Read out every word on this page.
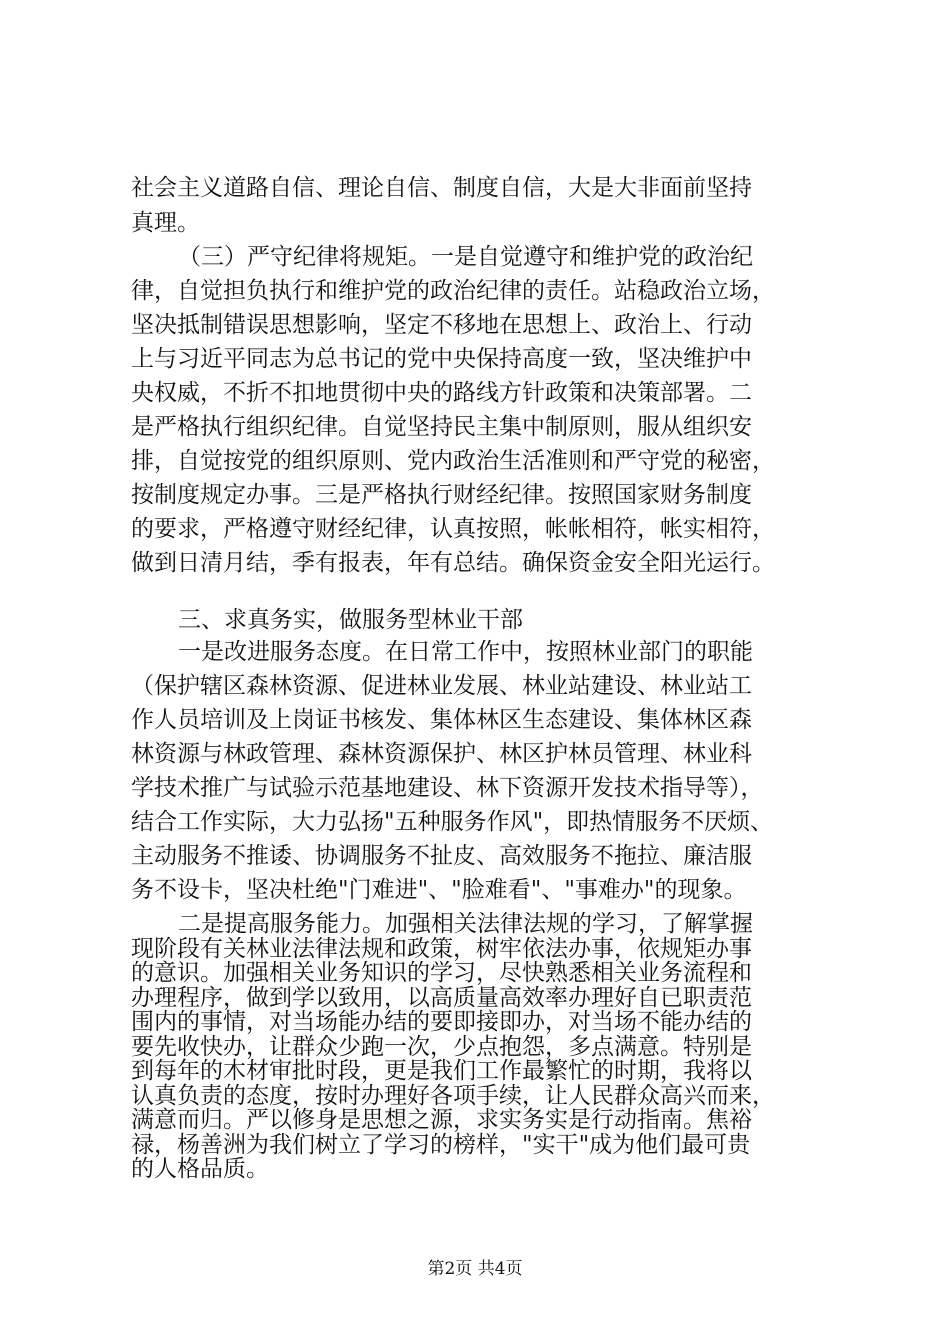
社会主义道路自信、理论自信、制度自信，大是大非面前坚持
真理。
（三）严守纪律将规矩。一是自觉遵守和维护党的政治纪
律，自觉担负执行和维护党的政治纪律的责任。站稳政治立场，
坚决抵制错误思想影响，坚定不移地在思想上、政治上、行动
上与习近平同志为总书记的党中央保持高度一致，坚决维护中
央权威，不折不扣地贯彻中央的路线方针政策和决策部署。二
是严格执行组织纪律。自觉坚持民主集中制原则，服从组织安
排，自觉按党的组织原则、党内政治生活准则和严守党的秘密，
按制度规定办事。三是严格执行财经纪律。按照国家财务制度
的要求，严格遵守财经纪律，认真按照，帐帐相符，帐实相符，
做到日清月结，季有报表，年有总结。确保资金安全阳光运行。
三、求真务实，做服务型林业干部
一是改进服务态度。在日常工作中，按照林业部门的职能
（保护辖区森林资源、促进林业发展、林业站建设、林业站工
作人员培训及上岗证书核发、集体林区生态建设、集体林区森
林资源与林政管理、森林资源保护、林区护林员管理、林业科
学技术推广与试验示范基地建设、林下资源开发技术指导等），
结合工作实际，大力弘扬"五种服务作风"，即热情服务不厌烦、
主动服务不推诿、协调服务不扯皮、高效服务不拖拉、廉洁服
务不设卡，坚决杜绝"门难进"、"脸难看"、"事难办"的现象。
二是提高服务能力。加强相关法律法规的学习，了解掌握
现阶段有关林业法律法规和政策，树牢依法办事，依规矩办事
的意识。加强相关业务知识的学习，尽快熟悉相关业务流程和
办理程序，做到学以致用，以高质量高效率办理好自已职责范
围内的事情，对当场能办结的要即接即办，对当场不能办结的
要先收快办，让群众少跑一次，少点抱怨，多点满意。特别是
到每年的木材审批时段，更是我们工作最繁忙的时期，我将以
认真负责的态度，按时办理好各项手续，让人民群众高兴而来，
满意而归。严以修身是思想之源，求实务实是行动指南。焦裕
禄，杨善洲为我们树立了学习的榜样，"实干"成为他们最可贵
的人格品质。
第2页 共4页
